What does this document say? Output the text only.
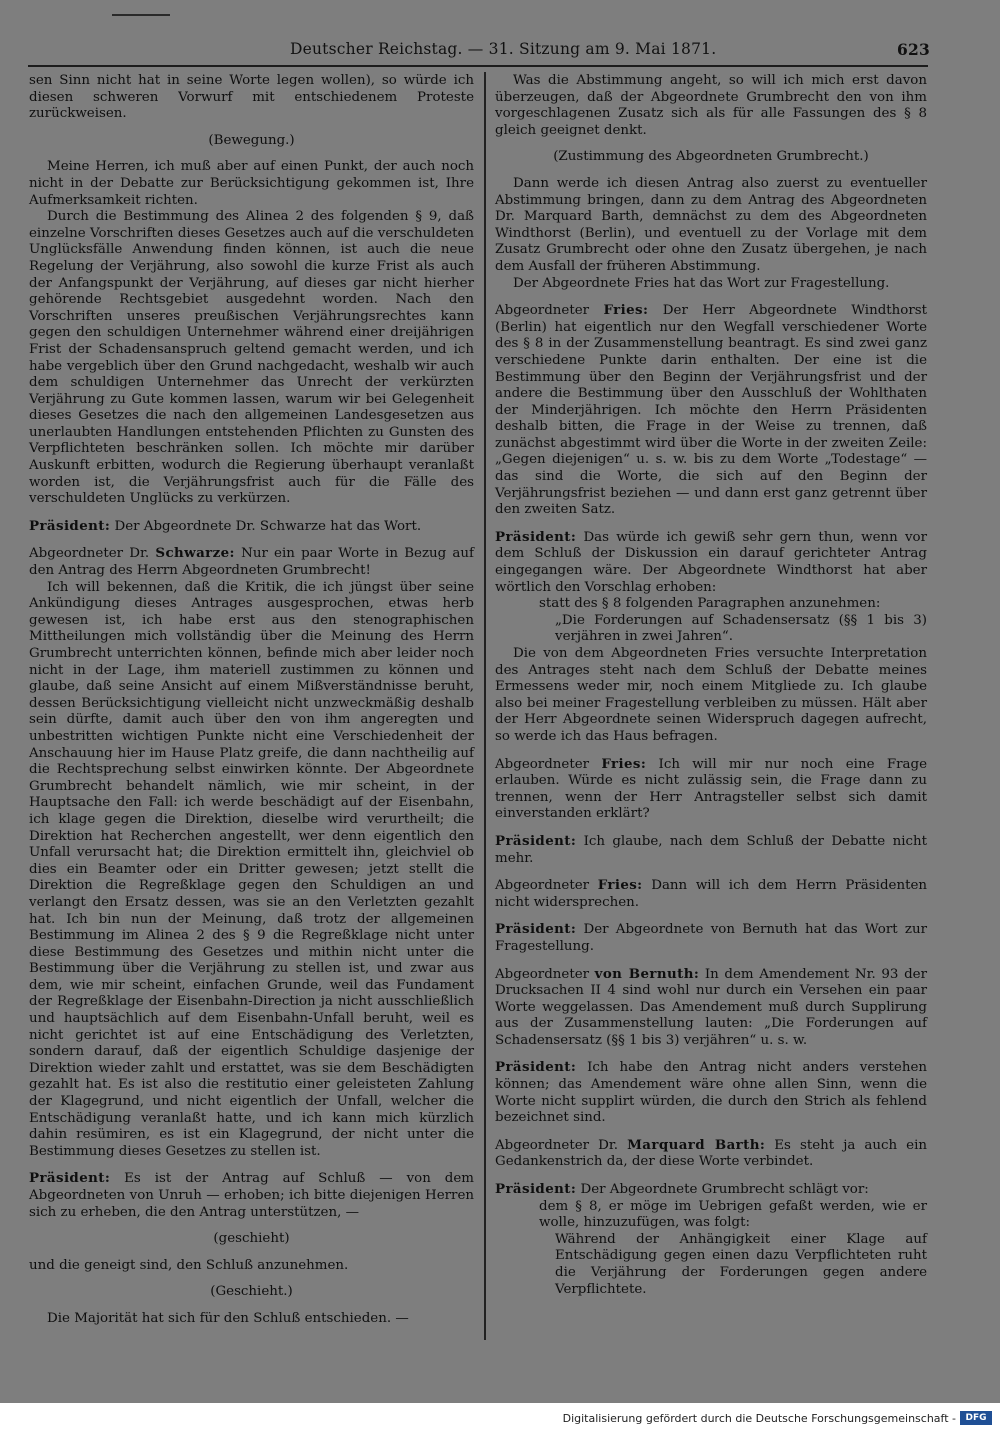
Deutscher Reichstag. — 31. Sitzung am 9. Mai 1871.	623

sen Sinn nicht hat in seine Worte legen wollen), so würde ich diesen schweren Vorwurf mit entschiedenem Proteste zurückweisen.

(Bewegung.)

Meine Herren, ich muß aber auf einen Punkt, der auch noch nicht in der Debatte zur Berücksichtigung gekommen ist, Ihre Aufmerksamkeit richten.

Durch die Bestimmung des Alinea 2 des folgenden § 9, daß einzelne Vorschriften dieses Gesetzes auch auf die verschuldeten Unglücksfälle Anwendung finden können, ist auch die neue Regelung der Verjährung, also sowohl die kurze Frist als auch der Anfangspunkt der Verjährung, auf dieses gar nicht hierher gehörende Rechtsgebiet ausgedehnt worden. Nach den Vorschriften unseres preußischen Verjährungsrechtes kann gegen den schuldigen Unternehmer während einer dreijährigen Frist der Schadensanspruch geltend gemacht werden, und ich habe vergeblich über den Grund nachgedacht, weshalb wir auch dem schuldigen Unternehmer das Unrecht der verkürzten Verjährung zu Gute kommen lassen, warum wir bei Gelegenheit dieses Gesetzes die nach den allgemeinen Landesgesetzen aus unerlaubten Handlungen entstehenden Pflichten zu Gunsten des Verpflichteten beschränken sollen. Ich möchte mir darüber Auskunft erbitten, wodurch die Regierung überhaupt veranlaßt worden ist, die Verjährungsfrist auch für die Fälle des verschuldeten Unglücks zu verkürzen.

Präsident: Der Abgeordnete Dr. Schwarze hat das Wort.

Abgeordneter Dr. Schwarze: Nur ein paar Worte in Bezug auf den Antrag des Herrn Abgeordneten Grumbrecht!

Ich will bekennen, daß die Kritik, die ich jüngst über seine Ankündigung dieses Antrages ausgesprochen, etwas herb gewesen ist, ich habe erst aus den stenographischen Mittheilungen mich vollständig über die Meinung des Herrn Grumbrecht unterrichten können, befinde mich aber leider noch nicht in der Lage, ihm materiell zustimmen zu können und glaube, daß seine Ansicht auf einem Mißverständnisse beruht, dessen Berücksichtigung vielleicht nicht unzweckmäßig deshalb sein dürfte, damit auch über den von ihm angeregten und unbestritten wichtigen Punkte nicht eine Verschiedenheit der Anschauung hier im Hause Platz greife, die dann nachtheilig auf die Rechtsprechung selbst einwirken könnte. Der Abgeordnete Grumbrecht behandelt nämlich, wie mir scheint, in der Hauptsache den Fall: ich werde beschädigt auf der Eisenbahn, ich klage gegen die Direktion, dieselbe wird verurtheilt; die Direktion hat Recherchen angestellt, wer denn eigentlich den Unfall verursacht hat; die Direktion ermittelt ihn, gleichviel ob dies ein Beamter oder ein Dritter gewesen; jetzt stellt die Direktion die Regreßklage gegen den Schuldigen an und verlangt den Ersatz dessen, was sie an den Verletzten gezahlt hat. Ich bin nun der Meinung, daß trotz der allgemeinen Bestimmung im Alinea 2 des § 9 die Regreßklage nicht unter diese Bestimmung des Gesetzes und mithin nicht unter die Bestimmung über die Verjährung zu stellen ist, und zwar aus dem, wie mir scheint, einfachen Grunde, weil das Fundament der Regreßklage der Eisenbahn-Direction ja nicht ausschließlich und hauptsächlich auf dem Eisenbahn-Unfall beruht, weil es nicht gerichtet ist auf eine Entschädigung des Verletzten, sondern darauf, daß der eigentlich Schuldige dasjenige der Direktion wieder zahlt und erstattet, was sie dem Beschädigten gezahlt hat. Es ist also die restitutio einer geleisteten Zahlung der Klagegrund, und nicht eigentlich der Unfall, welcher die Entschädigung veranlaßt hatte, und ich kann mich kürzlich dahin resümiren, es ist ein Klagegrund, der nicht unter die Bestimmung dieses Gesetzes zu stellen ist.

Präsident: Es ist der Antrag auf Schluß — von dem Abgeordneten von Unruh — erhoben; ich bitte diejenigen Herren sich zu erheben, die den Antrag unterstützen, —

(geschieht)

und die geneigt sind, den Schluß anzunehmen.

(Geschieht.)

Die Majorität hat sich für den Schluß entschieden. —

Was die Abstimmung angeht, so will ich mich erst davon überzeugen, daß der Abgeordnete Grumbrecht den von ihm vorgeschlagenen Zusatz sich als für alle Fassungen des § 8 gleich geeignet denkt.

(Zustimmung des Abgeordneten Grumbrecht.)

Dann werde ich diesen Antrag also zuerst zu eventueller Abstimmung bringen, dann zu dem Antrag des Abgeordneten Dr. Marquard Barth, demnächst zu dem des Abgeordneten Windthorst (Berlin), und eventuell zu der Vorlage mit dem Zusatz Grumbrecht oder ohne den Zusatz übergehen, je nach dem Ausfall der früheren Abstimmung.

Der Abgeordnete Fries hat das Wort zur Fragestellung.

Abgeordneter Fries: Der Herr Abgeordnete Windthorst (Berlin) hat eigentlich nur den Wegfall verschiedener Worte des § 8 in der Zusammenstellung beantragt. Es sind zwei ganz verschiedene Punkte darin enthalten. Der eine ist die Bestimmung über den Beginn der Verjährungsfrist und der andere die Bestimmung über den Ausschluß der Wohlthaten der Minderjährigen. Ich möchte den Herrn Präsidenten deshalb bitten, die Frage in der Weise zu trennen, daß zunächst abgestimmt wird über die Worte in der zweiten Zeile: „Gegen diejenigen“ u. s. w. bis zu dem Worte „Todestage“ — das sind die Worte, die sich auf den Beginn der Verjährungsfrist beziehen — und dann erst ganz getrennt über den zweiten Satz.

Präsident: Das würde ich gewiß sehr gern thun, wenn vor dem Schluß der Diskussion ein darauf gerichteter Antrag eingegangen wäre. Der Abgeordnete Windthorst hat aber wörtlich den Vorschlag erhoben:

statt des § 8 folgenden Paragraphen anzunehmen:

„Die Forderungen auf Schadensersatz (§§ 1 bis 3) verjähren in zwei Jahren“.

Die von dem Abgeordneten Fries versuchte Interpretation des Antrages steht nach dem Schluß der Debatte meines Ermessens weder mir, noch einem Mitgliede zu. Ich glaube also bei meiner Fragestellung verbleiben zu müssen. Hält aber der Herr Abgeordnete seinen Widerspruch dagegen aufrecht, so werde ich das Haus befragen.

Abgeordneter Fries: Ich will mir nur noch eine Frage erlauben. Würde es nicht zulässig sein, die Frage dann zu trennen, wenn der Herr Antragsteller selbst sich damit einverstanden erklärt?

Präsident: Ich glaube, nach dem Schluß der Debatte nicht mehr.

Abgeordneter Fries: Dann will ich dem Herrn Präsidenten nicht widersprechen.

Präsident: Der Abgeordnete von Bernuth hat das Wort zur Fragestellung.

Abgeordneter von Bernuth: In dem Amendement Nr. 93 der Drucksachen II 4 sind wohl nur durch ein Versehen ein paar Worte weggelassen. Das Amendement muß durch Supplirung aus der Zusammenstellung lauten: „Die Forderungen auf Schadensersatz (§§ 1 bis 3) verjähren“ u. s. w.

Präsident: Ich habe den Antrag nicht anders verstehen können; das Amendement wäre ohne allen Sinn, wenn die Worte nicht supplirt würden, die durch den Strich als fehlend bezeichnet sind.

Abgeordneter Dr. Marquard Barth: Es steht ja auch ein Gedankenstrich da, der diese Worte verbindet.

Präsident: Der Abgeordnete Grumbrecht schlägt vor:

dem § 8, er möge im Uebrigen gefaßt werden, wie er wolle, hinzuzufügen, was folgt:

Während der Anhängigkeit einer Klage auf Entschädigung gegen einen dazu Verpflichteten ruht die Verjährung der Forderungen gegen andere Verpflichtete.

Digitalisierung gefördert durch die Deutsche Forschungsgemeinschaft -	DFG
